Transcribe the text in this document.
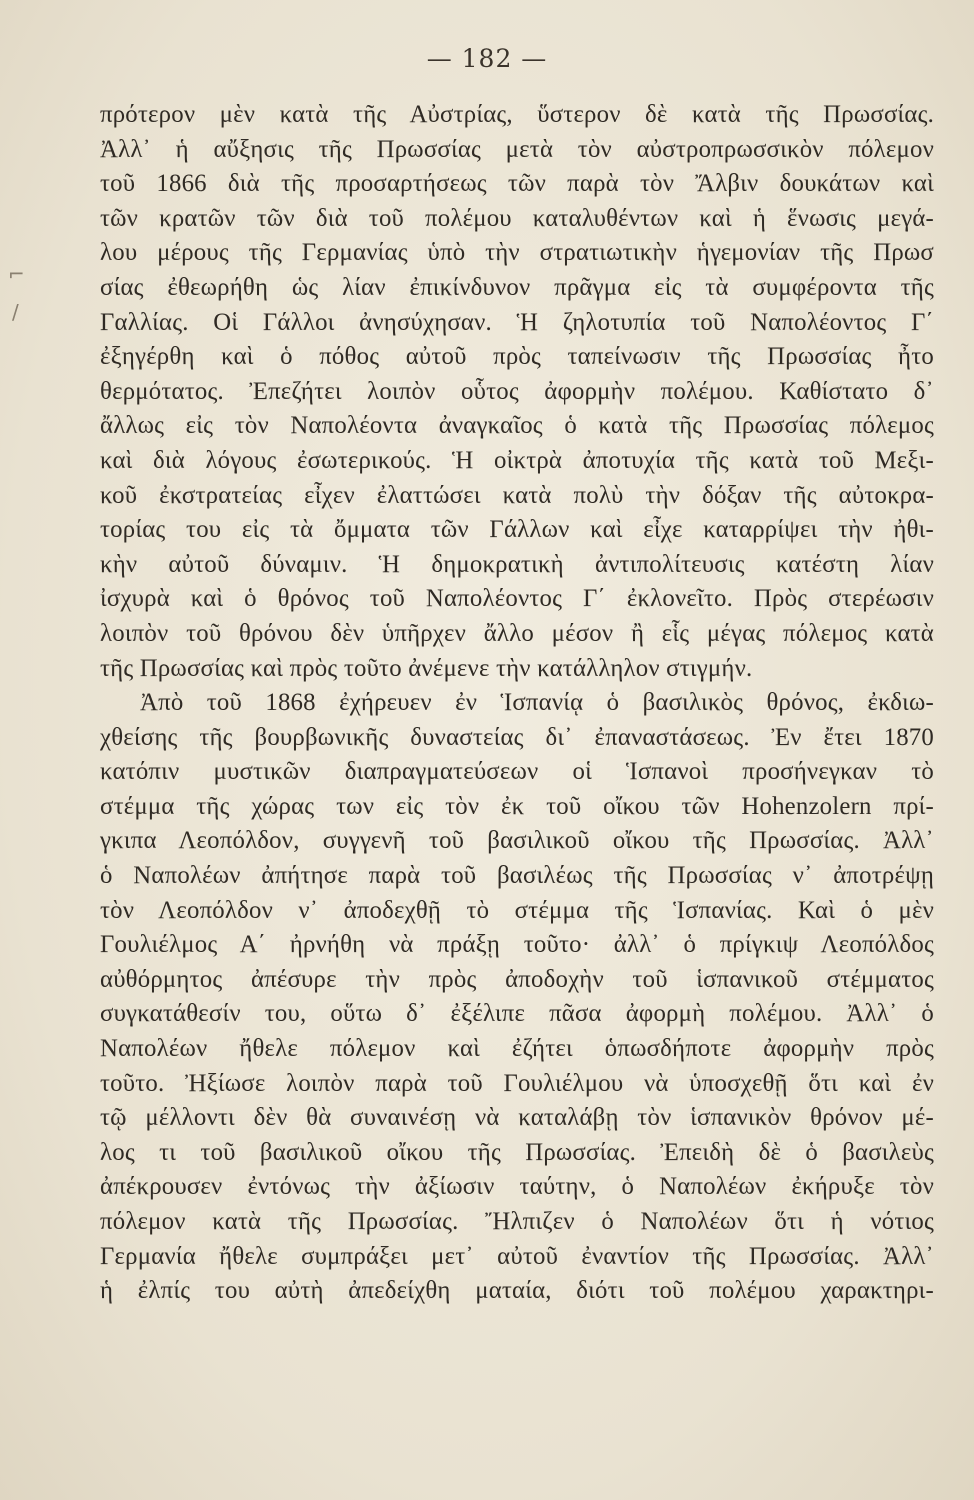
— 182 —
⌐
/
πρότερον μὲν κατὰ τῆς Αὐστρίας, ὕστερον δὲ κατὰ τῆς Πρωσσίας.
Ἀλλ᾿ ἡ αὔξησις τῆς Πρωσσίας μετὰ τὸν αὐστροπρωσσικὸν πόλεμον
τοῦ 1866 διὰ τῆς προσαρτήσεως τῶν παρὰ τὸν Ἄλβιν δουκάτων καὶ
τῶν κρατῶν τῶν διὰ τοῦ πολέμου καταλυθέντων καὶ ἡ ἕνωσις μεγά-
λου μέρους τῆς Γερμανίας ὑπὸ τὴν στρατιωτικὴν ἡγεμονίαν τῆς Πρωσ
σίας ἐθεωρήθη ὡς λίαν ἐπικίνδυνον πρᾶγμα εἰς τὰ συμφέροντα τῆς
Γαλλίας. Οἱ Γάλλοι ἀνησύχησαν. Ἡ ζηλοτυπία τοῦ Ναπολέοντος Γ΄
ἐξηγέρθη καὶ ὁ πόθος αὐτοῦ πρὸς ταπείνωσιν τῆς Πρωσσίας ἦτο
θερμότατος. Ἐπεζήτει λοιπὸν οὗτος ἀφορμὴν πολέμου. Καθίστατο δ᾿
ἄλλως εἰς τὸν Ναπολέοντα ἀναγκαῖος ὁ κατὰ τῆς Πρωσσίας πόλεμος
καὶ διὰ λόγους ἐσωτερικούς. Ἡ οἰκτρὰ ἀποτυχία τῆς κατὰ τοῦ Μεξι-
κοῦ ἐκστρατείας εἶχεν ἐλαττώσει κατὰ πολὺ τὴν δόξαν τῆς αὐτοκρα-
τορίας του εἰς τὰ ὄμματα τῶν Γάλλων καὶ εἶχε καταρρίψει τὴν ἠθι-
κὴν αὐτοῦ δύναμιν. Ἡ δημοκρατικὴ ἀντιπολίτευσις κατέστη λίαν
ἰσχυρὰ καὶ ὁ θρόνος τοῦ Ναπολέοντος Γ΄ ἐκλονεῖτο. Πρὸς στερέωσιν
λοιπὸν τοῦ θρόνου δὲν ὑπῆρχεν ἄλλο μέσον ἢ εἷς μέγας πόλεμος κατὰ
τῆς Πρωσσίας καὶ πρὸς τοῦτο ἀνέμενε τὴν κατάλληλον στιγμήν.
Ἀπὸ τοῦ 1868 ἐχήρευεν ἐν Ἱσπανίᾳ ὁ βασιλικὸς θρόνος, ἐκδιω-
χθείσης τῆς βουρβωνικῆς δυναστείας δι᾿ ἐπαναστάσεως. Ἐν ἔτει 1870
κατόπιν μυστικῶν διαπραγματεύσεων οἱ Ἱσπανοὶ προσήνεγκαν τὸ
στέμμα τῆς χώρας των εἰς τὸν ἐκ τοῦ οἴκου τῶν Hohenzolern πρί-
γκιπα Λεοπόλδον, συγγενῆ τοῦ βασιλικοῦ οἴκου τῆς Πρωσσίας. Ἀλλ᾿
ὁ Ναπολέων ἀπήτησε παρὰ τοῦ βασιλέως τῆς Πρωσσίας ν᾿ ἀποτρέψῃ
τὸν Λεοπόλδον ν᾿ ἀποδεχθῇ τὸ στέμμα τῆς Ἱσπανίας. Καὶ ὁ μὲν
Γουλιέλμος Α΄ ἠρνήθη νὰ πράξῃ τοῦτο· ἀλλ᾿ ὁ πρίγκιψ Λεοπόλδος
αὐθόρμητος ἀπέσυρε τὴν πρὸς ἀποδοχὴν τοῦ ἱσπανικοῦ στέμματος
συγκατάθεσίν του, οὕτω δ᾿ ἐξέλιπε πᾶσα ἀφορμὴ πολέμου. Ἀλλ᾿ ὁ
Ναπολέων ἤθελε πόλεμον καὶ ἐζήτει ὁπωσδήποτε ἀφορμὴν πρὸς
τοῦτο. Ἠξίωσε λοιπὸν παρὰ τοῦ Γουλιέλμου νὰ ὑποσχεθῇ ὅτι καὶ ἐν
τῷ μέλλοντι δὲν θὰ συναινέσῃ νὰ καταλάβῃ τὸν ἱσπανικὸν θρόνον μέ-
λος τι τοῦ βασιλικοῦ οἴκου τῆς Πρωσσίας. Ἐπειδὴ δὲ ὁ βασιλεὺς
ἀπέκρουσεν ἐντόνως τὴν ἀξίωσιν ταύτην, ὁ Ναπολέων ἐκήρυξε τὸν
πόλεμον κατὰ τῆς Πρωσσίας. Ἤλπιζεν ὁ Ναπολέων ὅτι ἡ νότιος
Γερμανία ἤθελε συμπράξει μετ᾿ αὐτοῦ ἐναντίον τῆς Πρωσσίας. Ἀλλ᾿
ἡ ἐλπίς του αὐτὴ ἀπεδείχθη ματαία, διότι τοῦ πολέμου χαρακτηρι-
